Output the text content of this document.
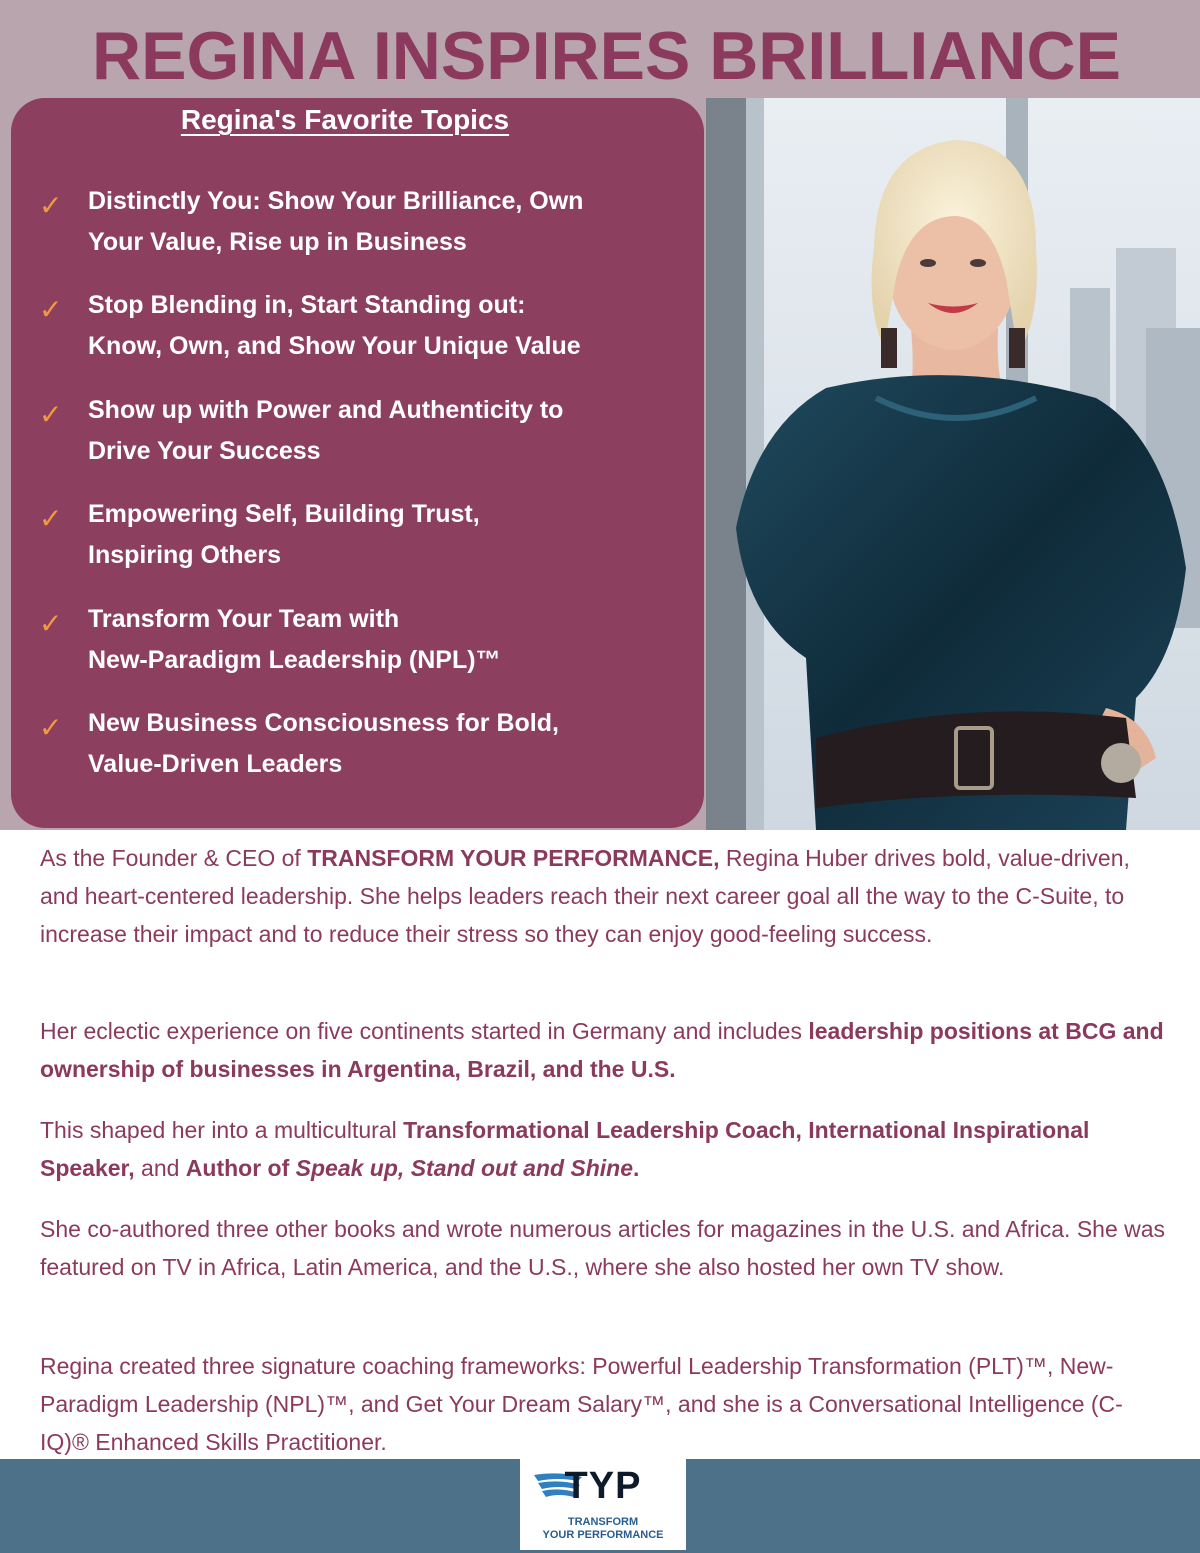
REGINA INSPIRES BRILLIANCE
Regina's Favorite Topics
✓ Distinctly You: Show Your Brilliance, Own
Your Value, Rise up in Business
✓ Stop Blending in, Start Standing out:
Know, Own, and Show Your Unique Value
✓ Show up with Power and Authenticity to
Drive Your Success
✓ Empowering Self, Building Trust,
Inspiring Others
✓ Transform Your Team with
New-Paradigm Leadership (NPL)™
✓ New Business Consciousness for Bold,
Value-Driven Leaders

As the Founder & CEO of TRANSFORM YOUR PERFORMANCE, Regina Huber drives bold, value-driven, and heart-centered leadership. She helps leaders reach their next career goal all the way to the C-Suite, to increase their impact and to reduce their stress so they can enjoy good-feeling success.

Her eclectic experience on five continents started in Germany and includes leadership positions at BCG and ownership of businesses in Argentina, Brazil, and the U.S.

This shaped her into a multicultural Transformational Leadership Coach, International Inspirational Speaker, and Author of Speak up, Stand out and Shine.

She co-authored three other books and wrote numerous articles for magazines in the U.S. and Africa. She was featured on TV in Africa, Latin America, and the U.S., where she also hosted her own TV show.

Regina created three signature coaching frameworks: Powerful Leadership Transformation (PLT)™, New-Paradigm Leadership (NPL)™, and Get Your Dream Salary™, and she is a Conversational Intelligence (C-IQ)® Enhanced Skills Practitioner.

TYP
TRANSFORM
YOUR PERFORMANCE
